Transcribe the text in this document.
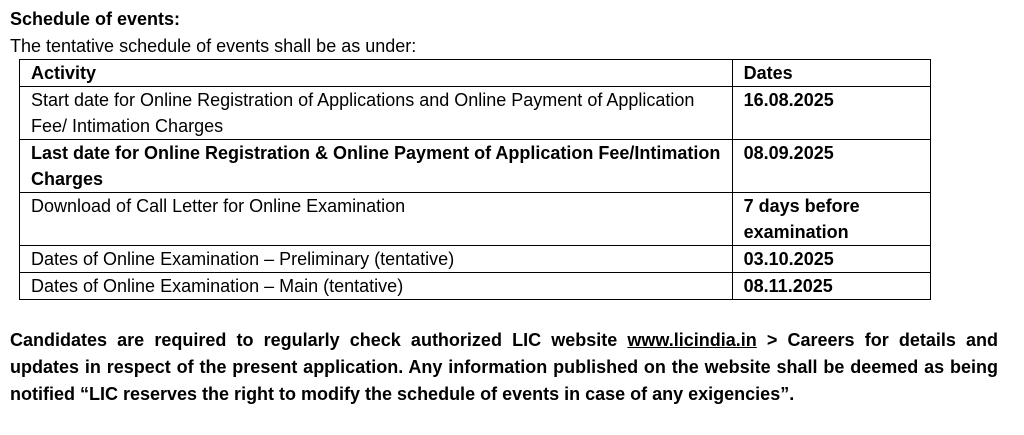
Schedule of events:
The tentative schedule of events shall be as under:
Activity	Dates
Start date for Online Registration of Applications and Online Payment of Application Fee/ Intimation Charges	16.08.2025
Last date for Online Registration & Online Payment of Application Fee/Intimation Charges	08.09.2025
Download of Call Letter for Online Examination	7 days before examination
Dates of Online Examination – Preliminary (tentative)	03.10.2025
Dates of Online Examination – Main (tentative)	08.11.2025
Candidates are required to regularly check authorized LIC website www.licindia.in > Careers for details and updates in respect of the present application. Any information published on the website shall be deemed as being notified “LIC reserves the right to modify the schedule of events in case of any exigencies”.
